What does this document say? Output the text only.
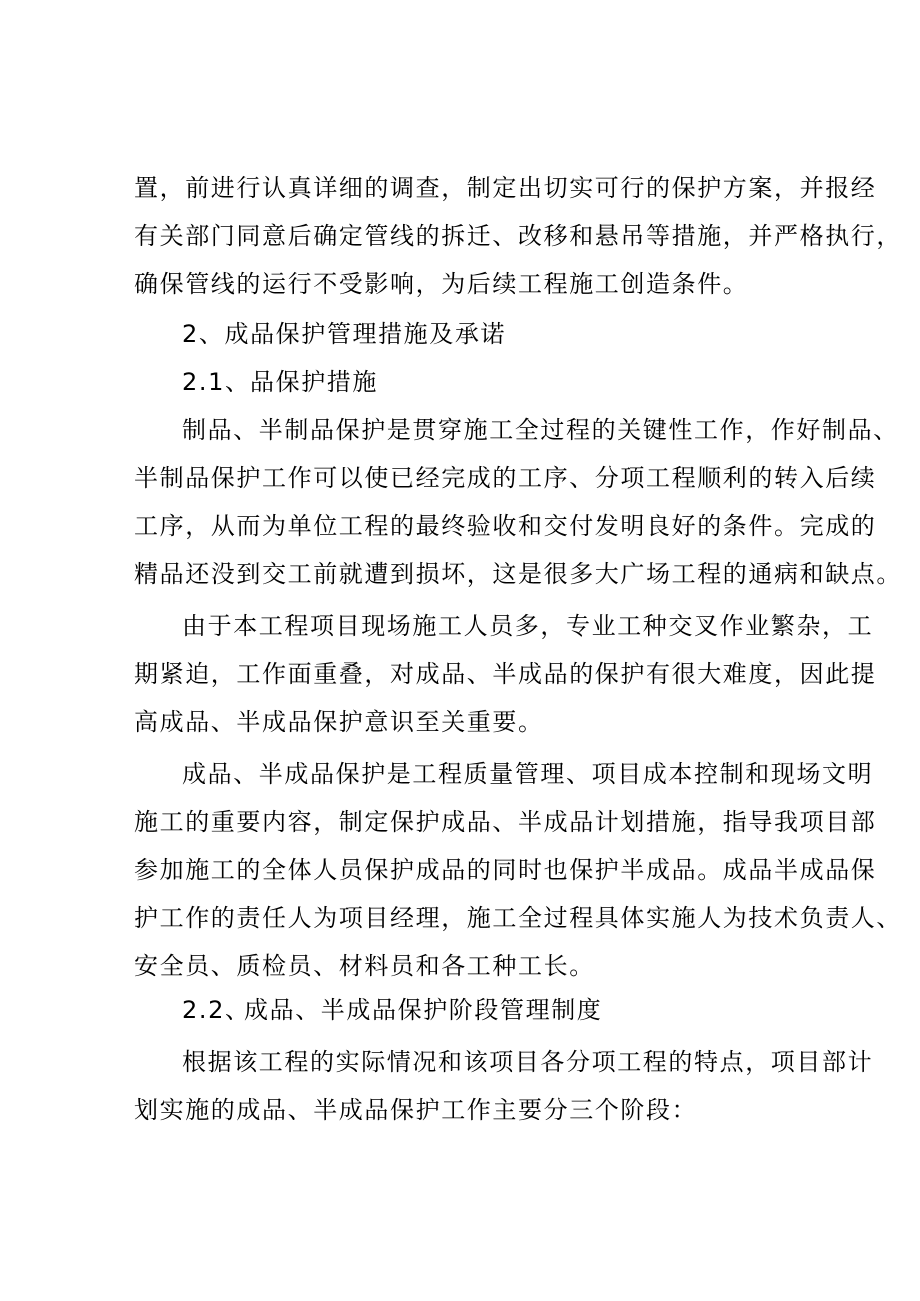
置，前进行认真详细的调查，制定出切实可行的保护方案，并报经
有关部门同意后确定管线的拆迁、改移和悬吊等措施，并严格执行，
确保管线的运行不受影响，为后续工程施工创造条件。
2、成品保护管理措施及承诺
2.1、 品保护措施
制品、半制品保护是贯穿施工全过程的关键性工作，作好制品、
半制品保护工作可以使已经完成的工序、分项工程顺利的转入后续
工序，从而为单位工程的最终验收和交付发明良好的条件。完成的
精品还没到交工前就遭到损坏，这是很多大广场工程的通病和缺点。
由于本工程项目现场施工人员多，专业工种交叉作业繁杂，工
期紧迫，工作面重叠，对成品、半成品的保护有很大难度，因此提
高成品、半成品保护意识至关重要。
成品、半成品保护是工程质量管理、项目成本控制和现场文明
施工的重要内容，制定保护成品、半成品计划措施，指导我项目部
参加施工的全体人员保护成品的同时也保护半成品。成品半成品保
护工作的责任人为项目经理，施工全过程具体实施人为技术负责人、
安全员、质检员、材料员和各工种工长。
2.2、
成品、半成品保护阶段管理制度
根据该工程的实际情况和该项目各分项工程的特点，项目部计
划实施的成品、半成品保护工作主要分三个阶段：
